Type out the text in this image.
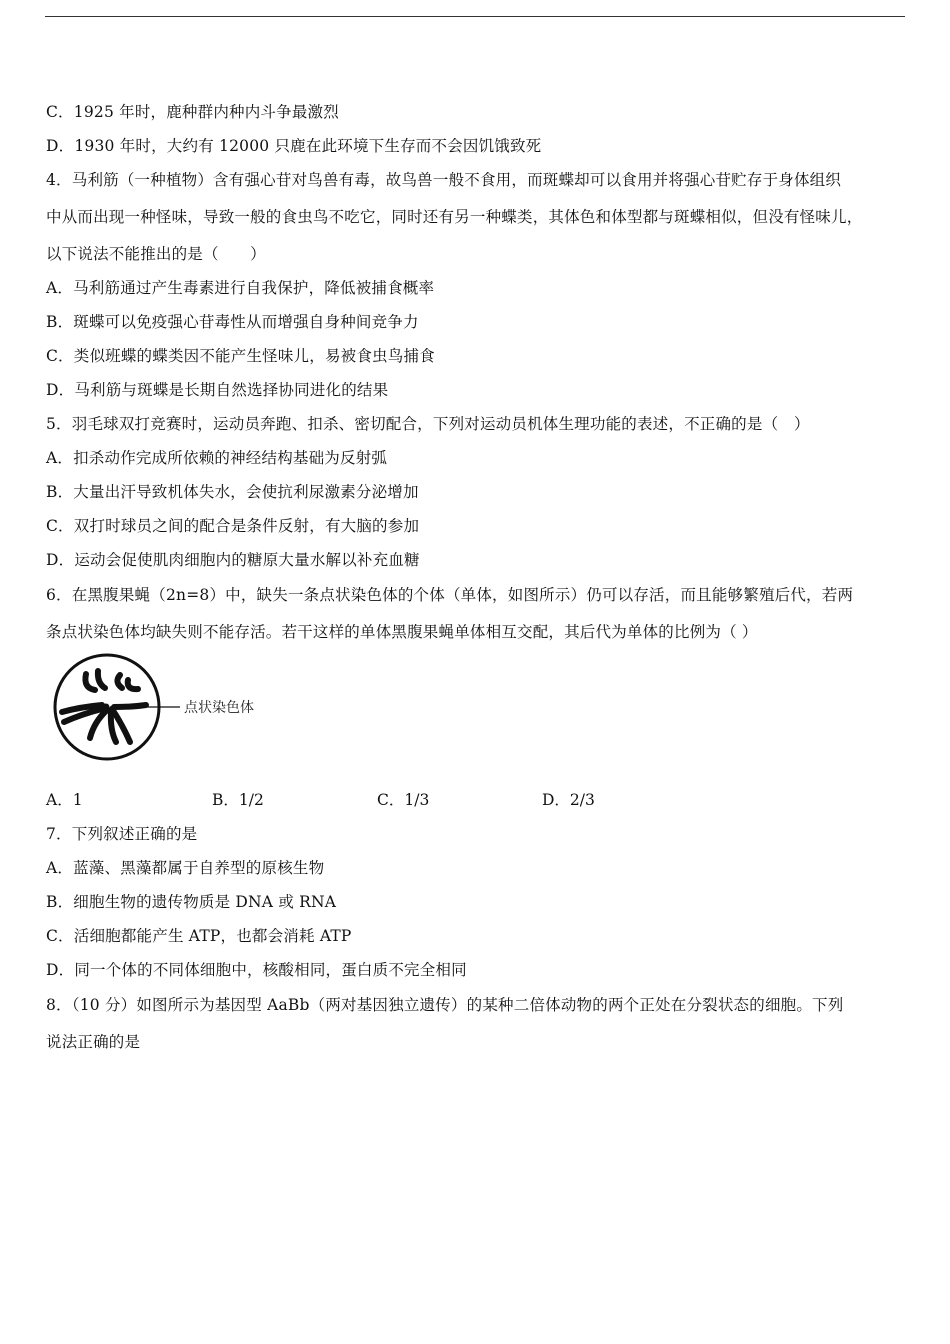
C．1925 年时，鹿种群内种内斗争最激烈
D．1930 年时，大约有 12000 只鹿在此环境下生存而不会因饥饿致死
4．马利筋（一种植物）含有强心苷对鸟兽有毒，故鸟兽一般不食用，而斑蝶却可以食用并将强心苷贮存于身体组织
中从而出现一种怪味，导致一般的食虫鸟不吃它，同时还有另一种蝶类，其体色和体型都与斑蝶相似，但没有怪味儿，
以下说法不能推出的是（　　）
A．马利筋通过产生毒素进行自我保护，降低被捕食概率
B．斑蝶可以免疫强心苷毒性从而增强自身种间竞争力
C．类似班蝶的蝶类因不能产生怪味儿，易被食虫鸟捕食
D．马利筋与斑蝶是长期自然选择协同进化的结果
5．羽毛球双打竞赛时，运动员奔跑、扣杀、密切配合，下列对运动员机体生理功能的表述，不正确的是（　）
A．扣杀动作完成所依赖的神经结构基础为反射弧
B．大量出汗导致机体失水，会使抗利尿激素分泌增加
C．双打时球员之间的配合是条件反射，有大脑的参加
D．运动会促使肌肉细胞内的糖原大量水解以补充血糖
6．在黑腹果蝇（2n=8）中，缺失一条点状染色体的个体（单体，如图所示）仍可以存活，而且能够繁殖后代，若两
条点状染色体均缺失则不能存活。若干这样的单体黑腹果蝇单体相互交配，其后代为单体的比例为（ ）
点状染色体
A．1	B．1/2	C．1/3	D．2/3
7．下列叙述正确的是
A．蓝藻、黑藻都属于自养型的原核生物
B．细胞生物的遗传物质是 DNA 或 RNA
C．活细胞都能产生 ATP，也都会消耗 ATP
D．同一个体的不同体细胞中，核酸相同，蛋白质不完全相同
8．（10 分）如图所示为基因型 AaBb（两对基因独立遗传）的某种二倍体动物的两个正处在分裂状态的细胞。下列
说法正确的是
